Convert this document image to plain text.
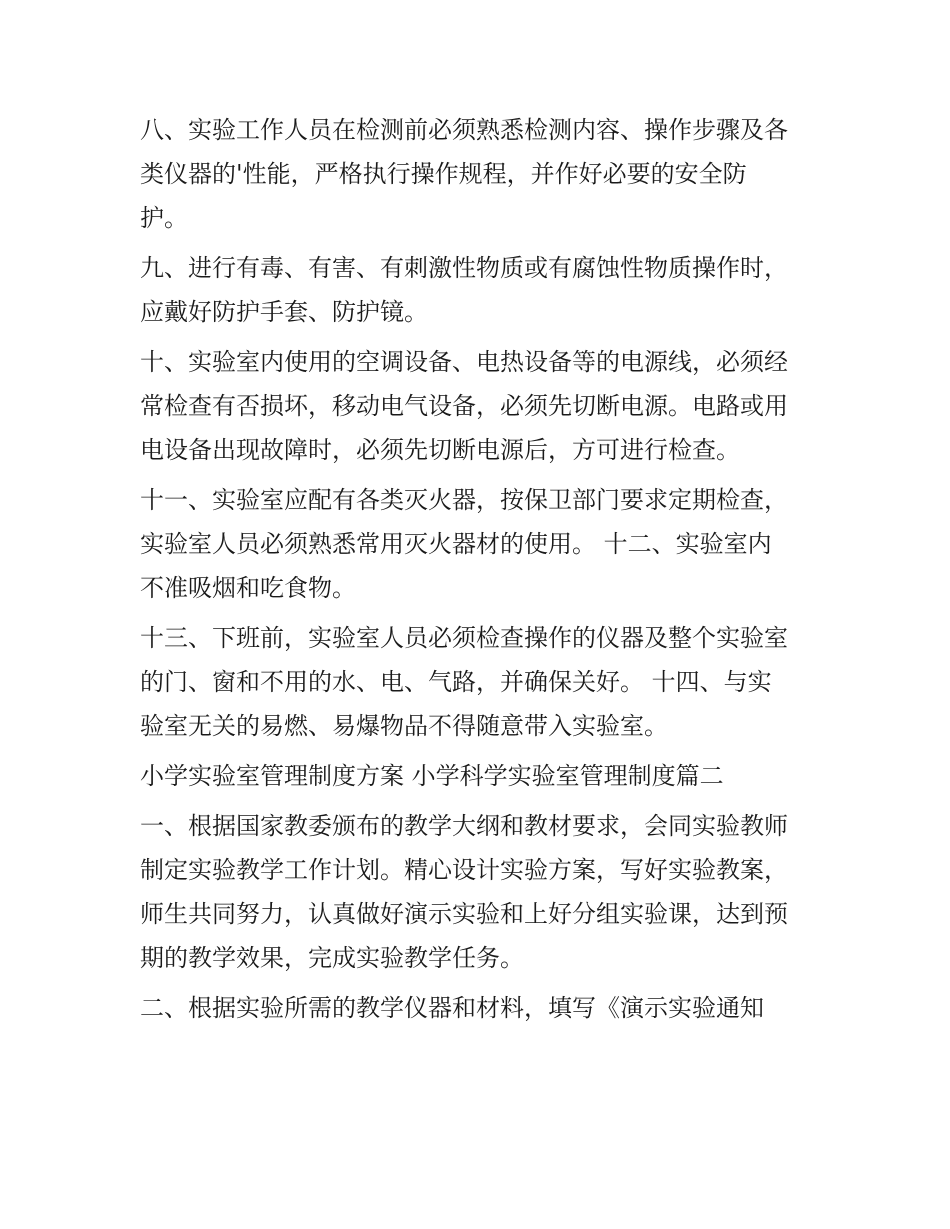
八、实验工作人员在检测前必须熟悉检测内容、操作步骤及各
类仪器的'性能，严格执行操作规程，并作好必要的安全防
护。
九、进行有毒、有害、有刺激性物质或有腐蚀性物质操作时，
应戴好防护手套、防护镜。
十、实验室内使用的空调设备、电热设备等的电源线，必须经
常检查有否损坏，移动电气设备，必须先切断电源。电路或用
电设备出现故障时，必须先切断电源后，方可进行检查。
十一、实验室应配有各类灭火器，按保卫部门要求定期检查，
实验室人员必须熟悉常用灭火器材的使用。 十二、实验室内
不准吸烟和吃食物。
十三、下班前，实验室人员必须检查操作的仪器及整个实验室
的门、窗和不用的水、电、气路，并确保关好。 十四、与实
验室无关的易燃、易爆物品不得随意带入实验室。
小学实验室管理制度方案 小学科学实验室管理制度篇二
一、根据国家教委颁布的教学大纲和教材要求，会同实验教师
制定实验教学工作计划。精心设计实验方案，写好实验教案，
师生共同努力，认真做好演示实验和上好分组实验课，达到预
期的教学效果，完成实验教学任务。
二、根据实验所需的教学仪器和材料，填写《演示实验通知
